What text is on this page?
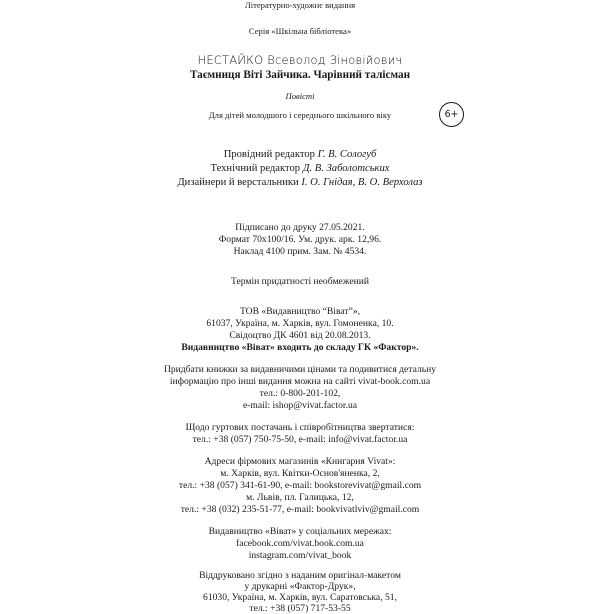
Літературно-художнє видання
Серія «Шкільна бібліотека»
НЕСТАЙКО Всеволод Зіновійович
Таємниця Віті Зайчика. Чарівний талісман
Повісті
Для дітей молодшого і середнього шкільного віку	6+
Провідний редактор Г. В. Сологуб
Технічний редактор Д. В. Заболотських
Дизайнери й верстальники І. О. Гнідая, В. О. Верхолаз
Підписано до друку 27.05.2021.
Формат 70х100/16. Ум. друк. арк. 12,96.
Наклад 4100 прим. Зам. № 4534.
Термін придатності необмежений
ТОВ «Видавництво “Віват”»,
61037, Україна, м. Харків, вул. Гомоненка, 10.
Свідоцтво ДК 4601 від 20.08.2013.
Видавництво «Віват» входить до складу ГК «Фактор».
Придбати книжки за видавничими цінами та подивитися детальну
інформацію про інші видання можна на сайті vivat-book.com.ua
тел.: 0-800-201-102,
e-mail: ishop@vivat.factor.ua
Щодо гуртових постачань і співробітництва звертатися:
тел.: +38 (057) 750-75-50, e-mail: info@vivat.factor.ua
Адреси фірмових магазинів «Книгарня Vivat»:
м. Харків, вул. Квітки-Основ'яненка, 2,
тел.: +38 (057) 341-61-90, e-mail: bookstorevivat@gmail.com
м. Львів, пл. Галицька, 12,
тел.: +38 (032) 235-51-77, e-mail: bookvivatlviv@gmail.com
Видавництво «Віват» у соціальних мережах:
facebook.com/vivat.book.com.ua
instagram.com/vivat_book
Віддруковано згідно з наданим оригінал-макетом
у друкарні «Фактор-Друк»,
61030, Україна, м. Харків, вул. Саратовська, 51,
тел.: +38 (057) 717-53-55
